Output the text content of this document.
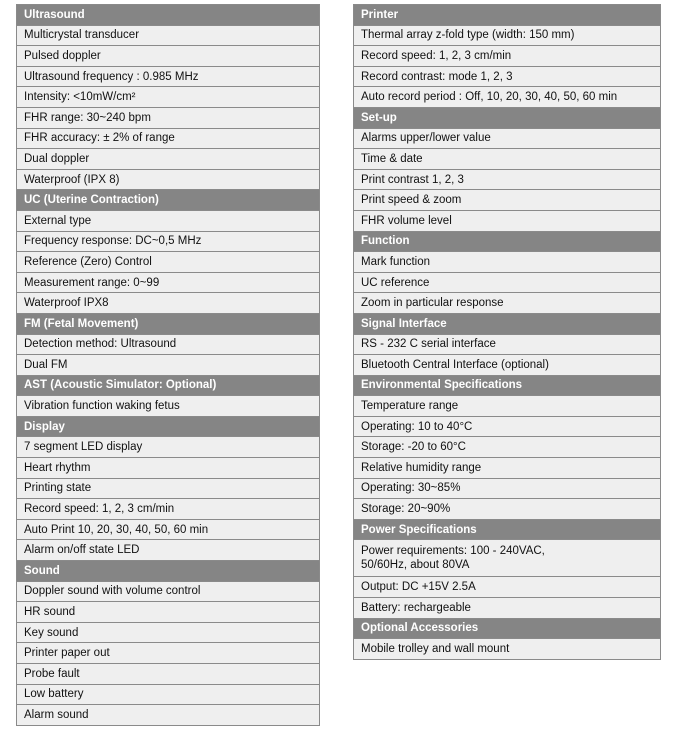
Ultrasound
Multicrystal transducer
Pulsed doppler
Ultrasound frequency : 0.985 MHz
Intensity: <10mW/cm²
FHR range: 30~240 bpm
FHR accuracy: ± 2% of range
Dual doppler
Waterproof (IPX 8)
UC (Uterine Contraction)
External type
Frequency response: DC~0,5 MHz
Reference (Zero) Control
Measurement range: 0~99
Waterproof IPX8
FM (Fetal Movement)
Detection method: Ultrasound
Dual FM
AST (Acoustic Simulator: Optional)
Vibration function waking fetus
Display
7 segment LED display
Heart rhythm
Printing state
Record speed: 1, 2, 3 cm/min
Auto Print 10, 20, 30, 40, 50, 60 min
Alarm on/off state LED
Sound
Doppler sound with volume control
HR sound
Key sound
Printer paper out
Probe fault
Low battery
Alarm sound
Printer
Thermal array z-fold type (width: 150 mm)
Record speed: 1, 2, 3 cm/min
Record contrast: mode 1, 2, 3
Auto record period : Off, 10, 20, 30, 40, 50, 60 min
Set-up
Alarms upper/lower value
Time & date
Print contrast 1, 2, 3
Print speed & zoom
FHR volume level
Function
Mark function
UC reference
Zoom in particular response
Signal Interface
RS - 232 C serial interface
Bluetooth Central Interface (optional)
Environmental Specifications
Temperature range
Operating: 10 to 40°C
Storage: -20 to 60°C
Relative humidity range
Operating: 30~85%
Storage: 20~90%
Power Specifications
Power requirements: 100 - 240VAC,
50/60Hz, about 80VA
Output: DC +15V 2.5A
Battery: rechargeable
Optional Accessories
Mobile trolley and wall mount
